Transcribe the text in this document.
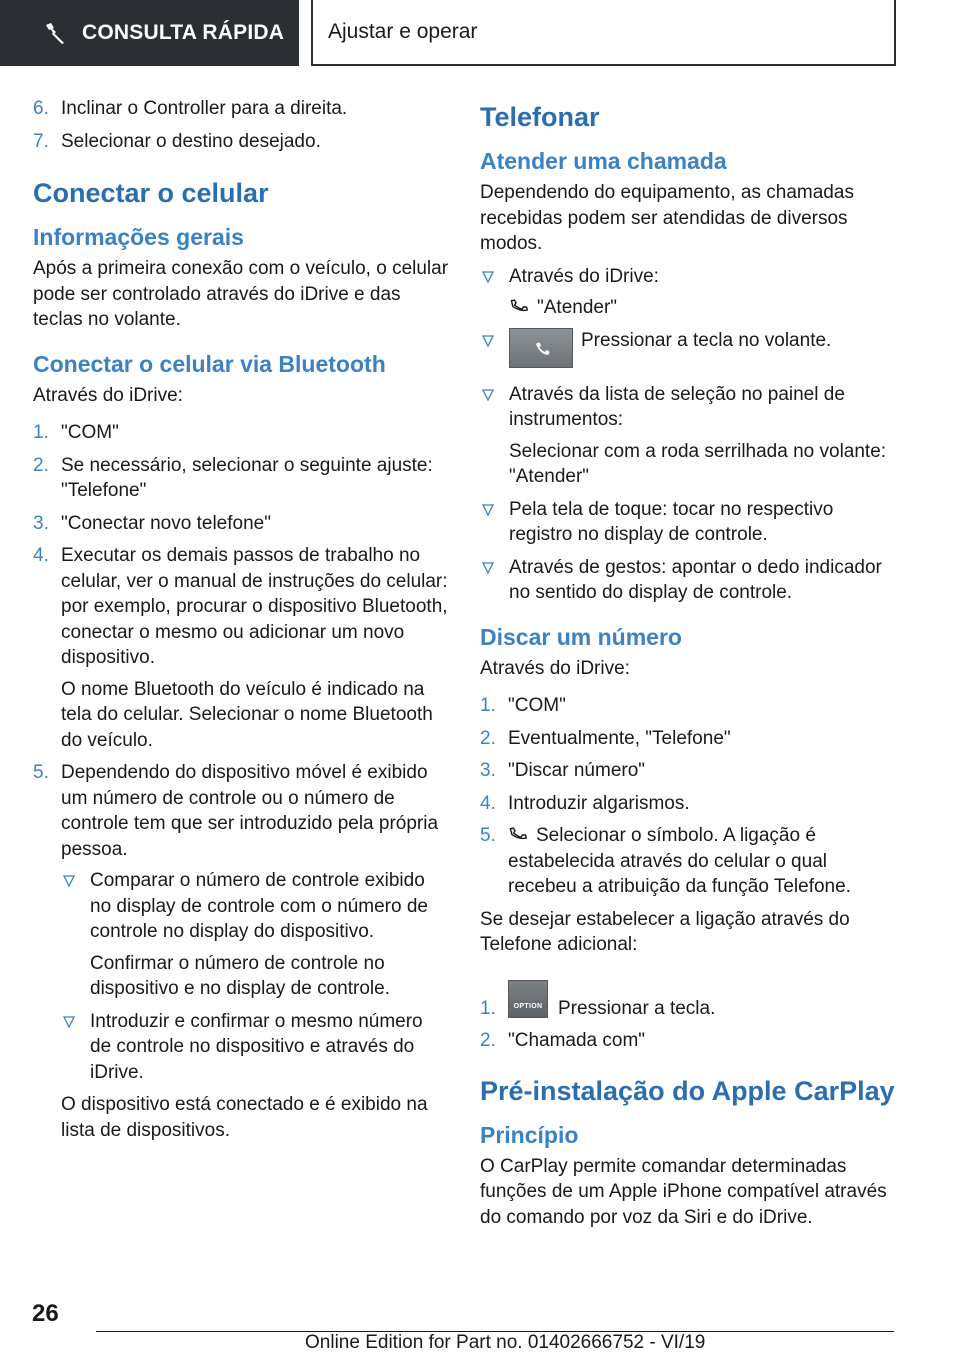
CONSULTA RÁPIDA Ajustar e operar
6. Inclinar o Controller para a direita.
7. Selecionar o destino desejado.
Conectar o celular
Informações gerais

Após a primeira conexão com o veículo, o celular pode ser controlado através do iDrive e das teclas no volante.

Conectar o celular via Bluetooth

Através do iDrive:

1. "COM"
2. Se necessário, selecionar o seguinte ajuste: "Telefone"
3. "Conectar novo telefone"
4. Executar os demais passos de trabalho no celular, ver o manual de instruções do celular: por exemplo, procurar o dispositivo Bluetooth, conectar o mesmo ou adicionar um novo dispositivo.

O nome Bluetooth do veículo é indicado na tela do celular. Selecionar o nome Bluetooth do veículo.

5. Dependendo do dispositivo móvel é exibido um número de controle ou o número de controle tem que ser introduzido pela própria pessoa.
Comparar o número de controle exibido no display de controle com o número de controle no display do dispositivo.

Confirmar o número de controle no dispositivo e no display de controle.

Introduzir e confirmar o mesmo número de controle no dispositivo e através do iDrive.

O dispositivo está conectado e é exibido na lista de dispositivos.

Telefonar
Atender uma chamada

Dependendo do equipamento, as chamadas recebidas podem ser atendidas de diversos modos.

Através do iDrive:
"Atender"
Pressionar a tecla no volante.
Através da lista de seleção no painel de instrumentos:

Selecionar com a roda serrilhada no volante: "Atender"

Pela tela de toque: tocar no respectivo registro no display de controle.
Através de gestos: apontar o dedo indicador no sentido do display de controle.
Discar um número

Através do iDrive:

1. "COM"
2. Eventualmente, "Telefone"
3. "Discar número"
4. Introduzir algarismos.
5. Selecionar o símbolo. A ligação é estabelecida através do celular o qual recebeu a atribuição da função Telefone.

Se desejar estabelecer a ligação através do Telefone adicional:

1.	OPTION Pressionar a tecla.
2. "Chamada com"
Pré-instalação do Apple CarPlay
Princípio

O CarPlay permite comandar determinadas funções de um Apple iPhone compatível através do comando por voz da Siri e do iDrive.

26
Online Edition for Part no. 01402666752 - VI/19
